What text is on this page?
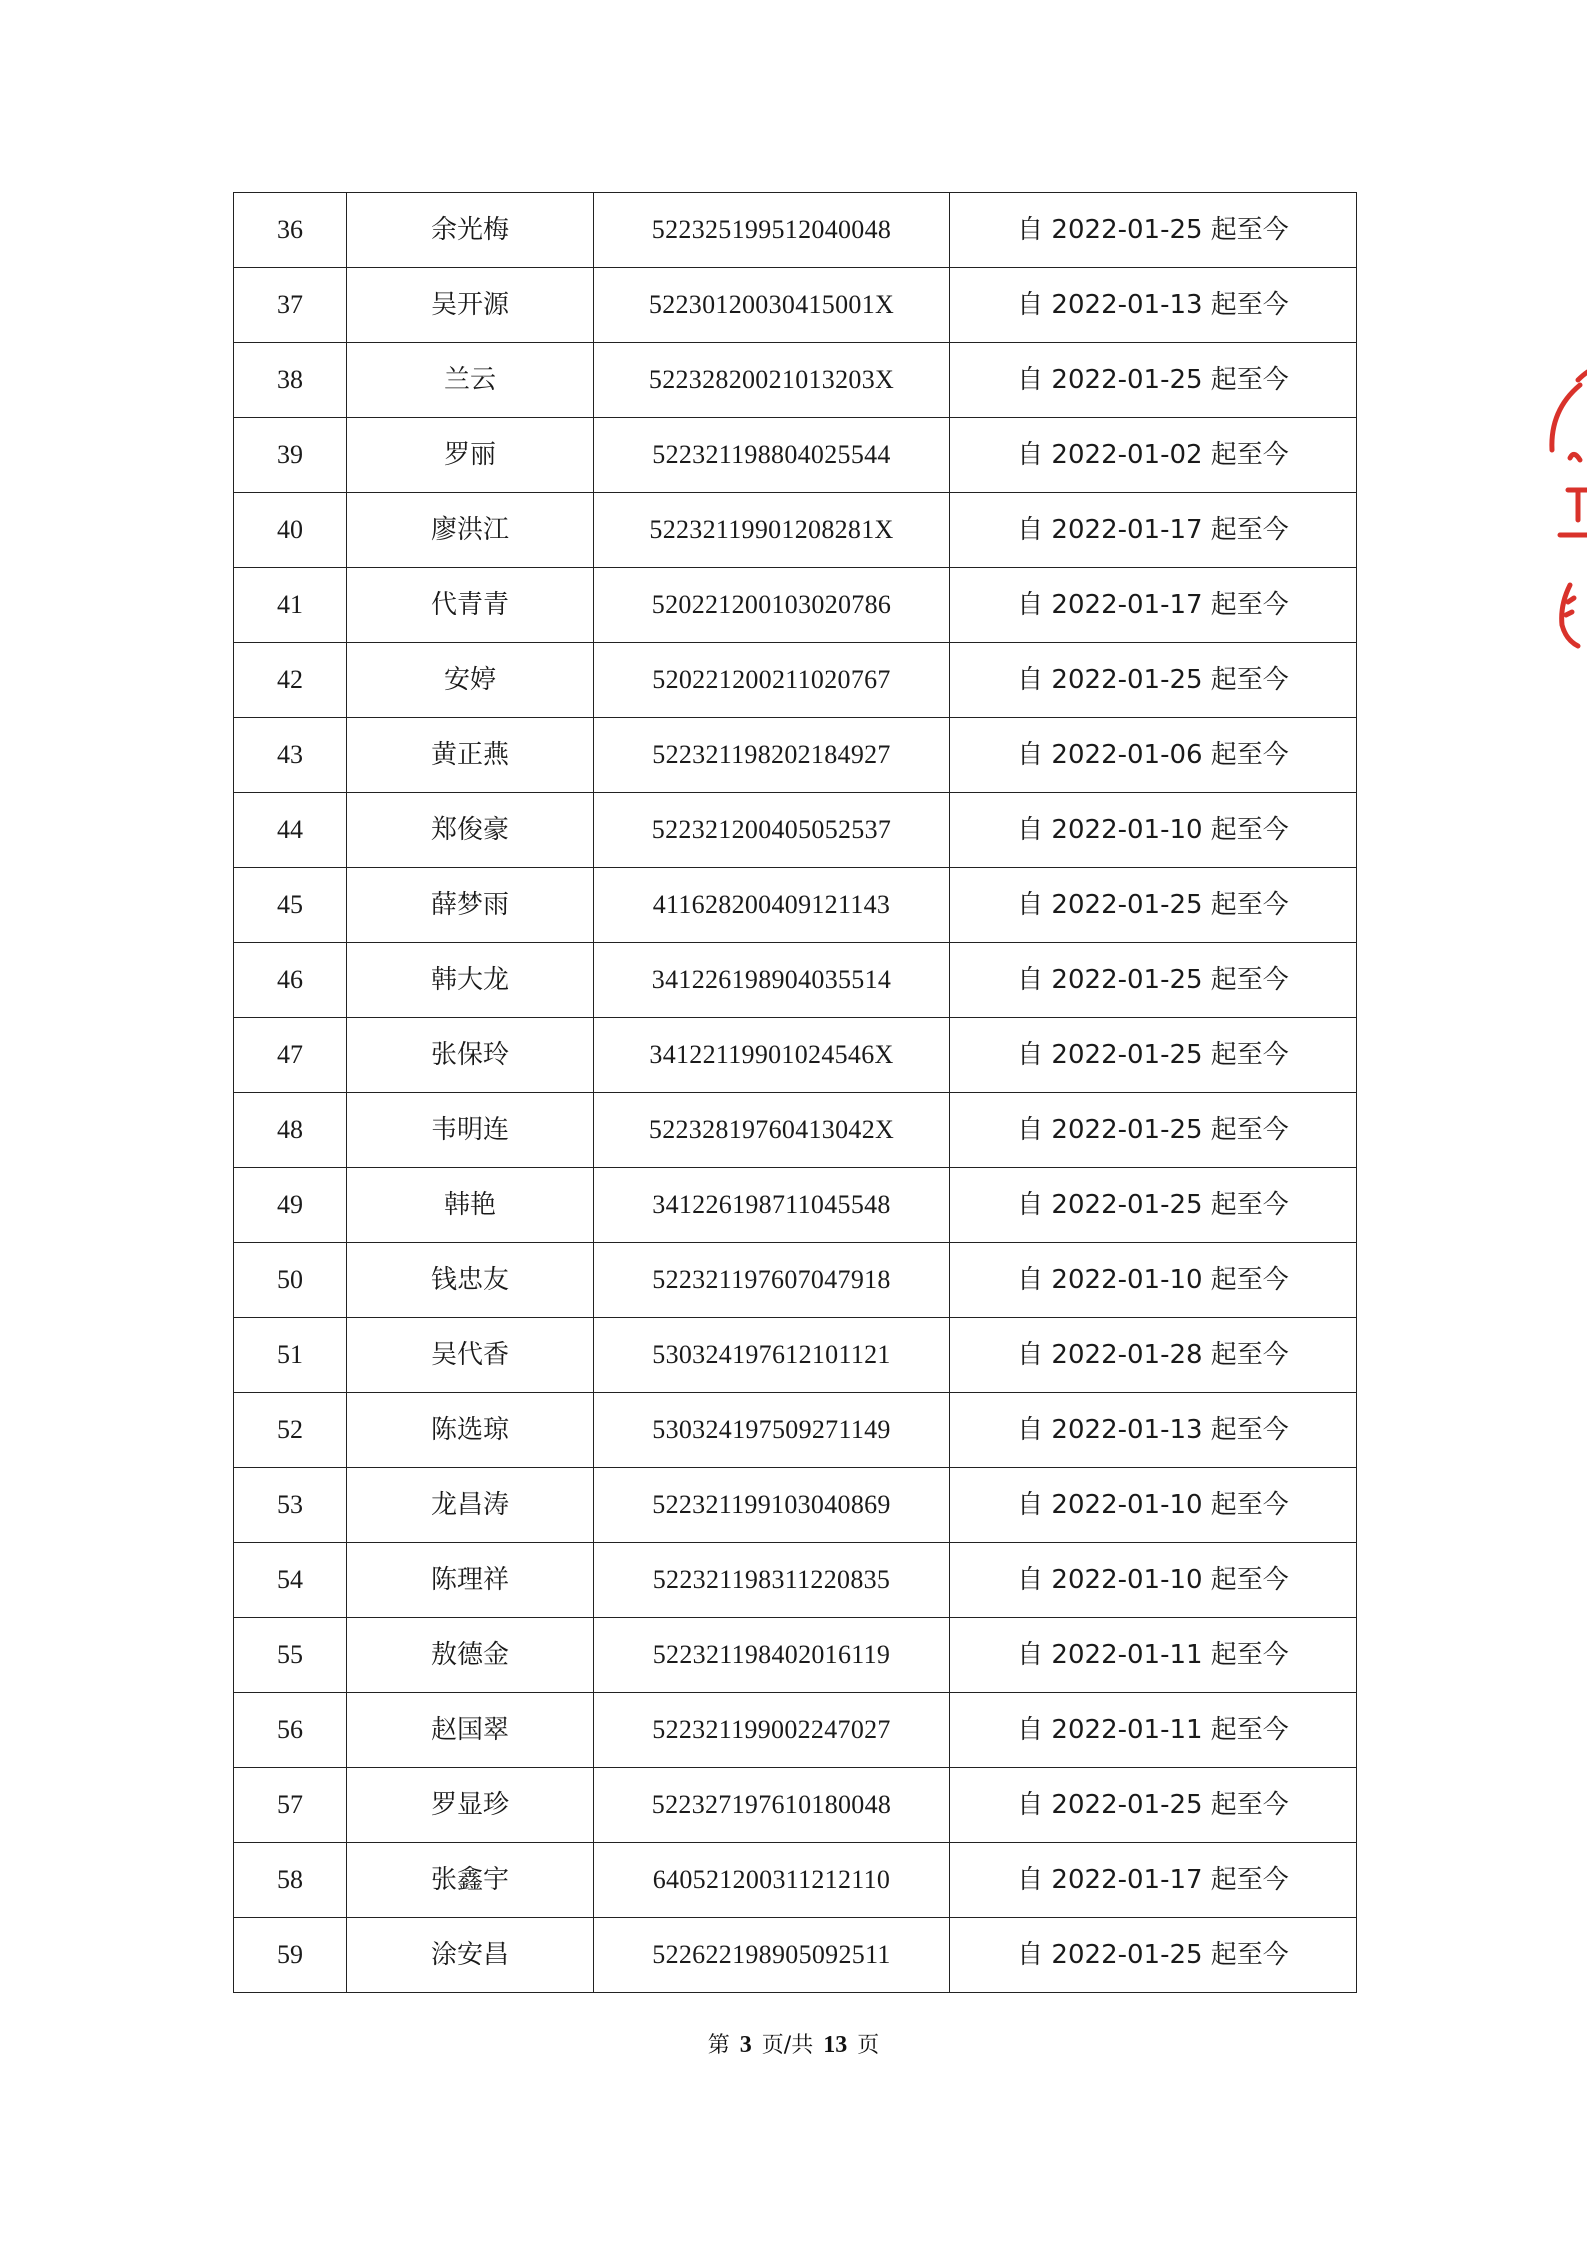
36	余光梅	522325199512040048	自 2022-01-25 起至今
37	吴开源	52230120030415001X	自 2022-01-13 起至今
38	兰云	52232820021013203X	自 2022-01-25 起至今
39	罗丽	522321198804025544	自 2022-01-02 起至今
40	廖洪江	52232119901208281X	自 2022-01-17 起至今
41	代青青	520221200103020786	自 2022-01-17 起至今
42	安婷	520221200211020767	自 2022-01-25 起至今
43	黄正燕	522321198202184927	自 2022-01-06 起至今
44	郑俊豪	522321200405052537	自 2022-01-10 起至今
45	薛梦雨	411628200409121143	自 2022-01-25 起至今
46	韩大龙	341226198904035514	自 2022-01-25 起至今
47	张保玲	34122119901024546X	自 2022-01-25 起至今
48	韦明连	52232819760413042X	自 2022-01-25 起至今
49	韩艳	341226198711045548	自 2022-01-25 起至今
50	钱忠友	522321197607047918	自 2022-01-10 起至今
51	吴代香	530324197612101121	自 2022-01-28 起至今
52	陈选琼	530324197509271149	自 2022-01-13 起至今
53	龙昌涛	522321199103040869	自 2022-01-10 起至今
54	陈理祥	522321198311220835	自 2022-01-10 起至今
55	敖德金	522321198402016119	自 2022-01-11 起至今
56	赵国翠	522321199002247027	自 2022-01-11 起至今
57	罗显珍	522327197610180048	自 2022-01-25 起至今
58	张鑫宇	640521200311212110	自 2022-01-17 起至今
59	涂安昌	522622198905092511	自 2022-01-25 起至今
第 3 页/共 13 页
